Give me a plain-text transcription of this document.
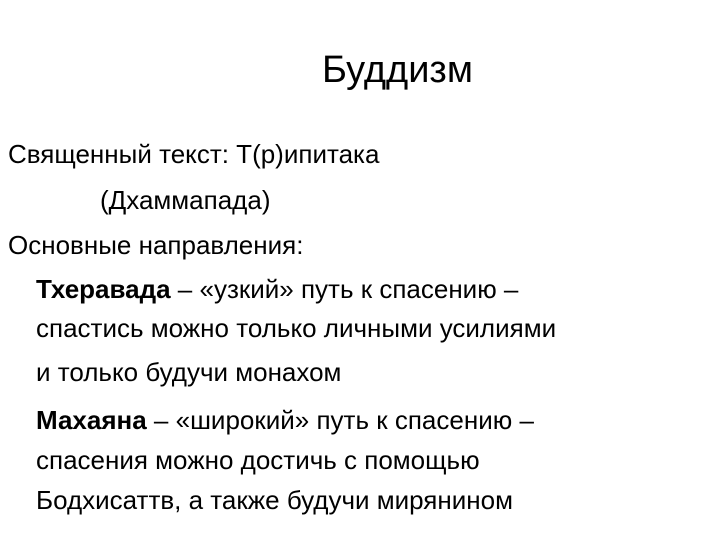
Буддизм
Священный текст: Т(р)ипитака
(Дхаммапада)
Основные направления:
Тхеравада – «узкий» путь к спасению –
спастись можно только личными усилиями
и только будучи монахом
Махаяна – «широкий» путь к спасению –
спасения можно достичь с помощью
Бодхисаттв, а также будучи мирянином
